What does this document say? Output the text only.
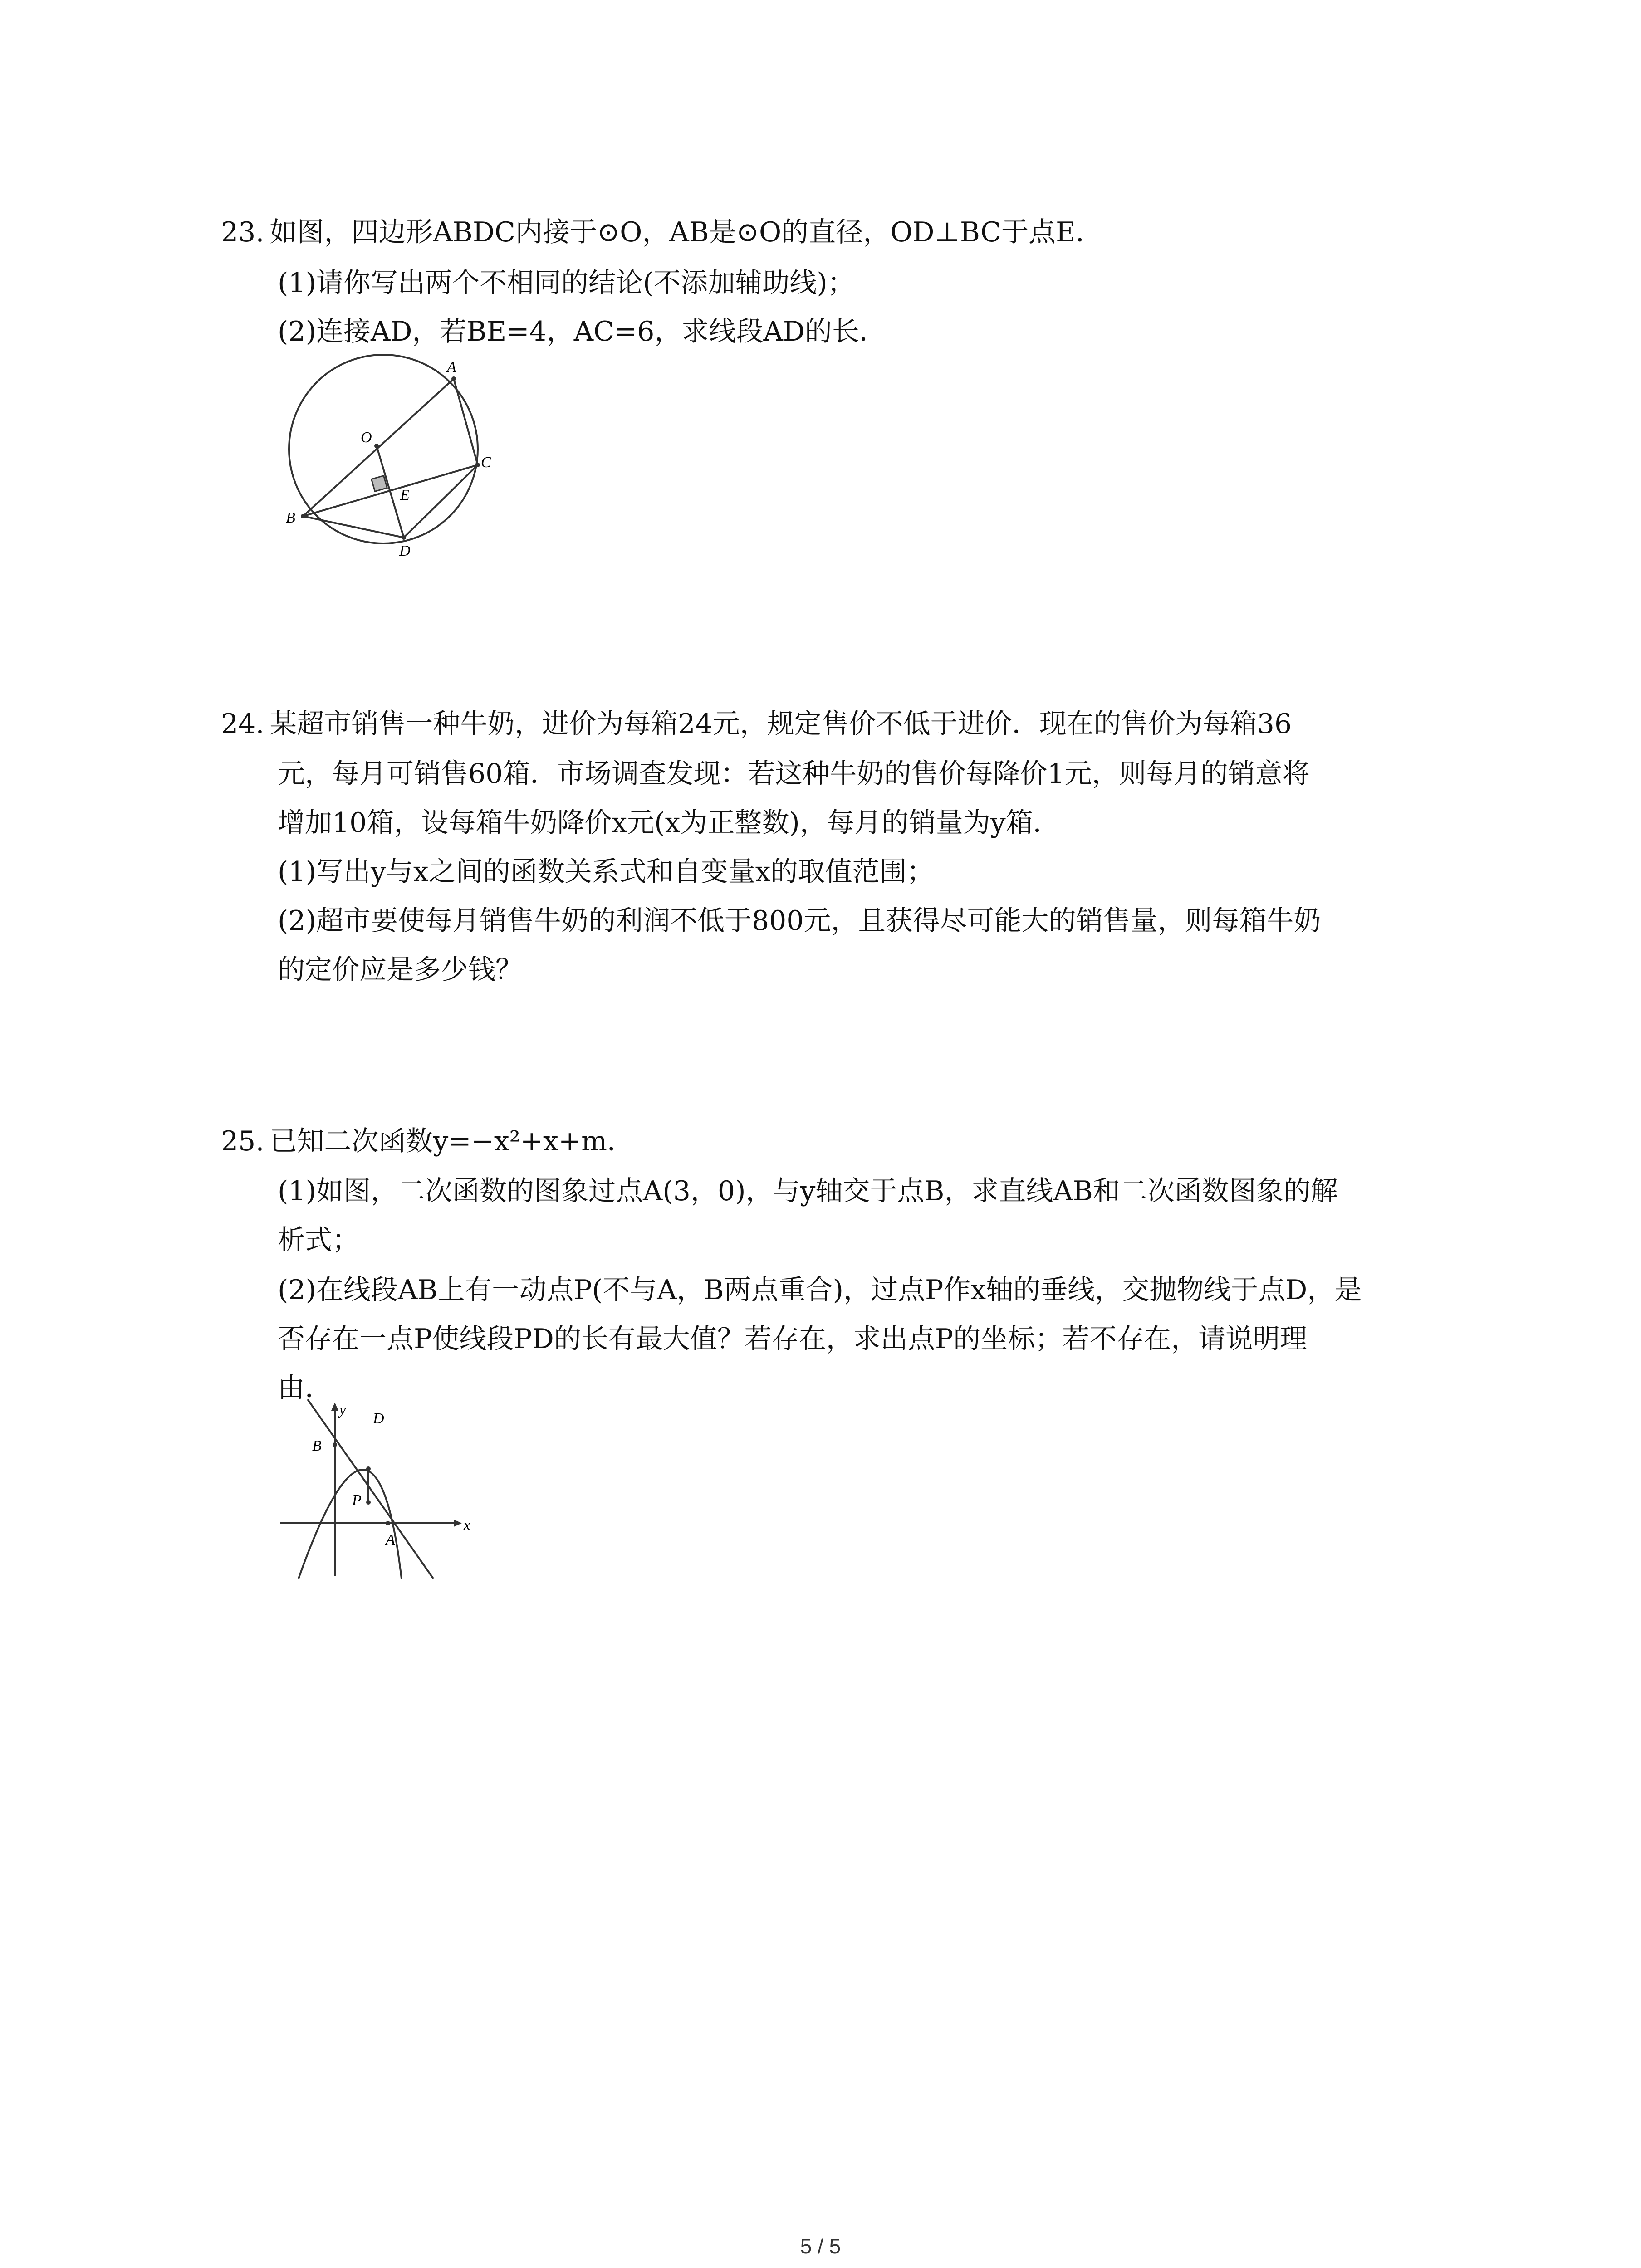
23. 如图，四边形ABDC内接于⊙O，AB是⊙O的直径，OD⊥BC于点E．
(1)请你写出两个不相同的结论(不添加辅助线)；
(2)连接AD，若BE=4，AC=6，求线段AD的长．
A
O
C
E
B
D
24. 某超市销售一种牛奶，进价为每箱24元，规定售价不低于进价．现在的售价为每箱36
元，每月可销售60箱．市场调查发现：若这种牛奶的售价每降价1元，则每月的销意将
增加10箱，设每箱牛奶降价x元(x为正整数)，每月的销量为y箱．
(1)写出y与x之间的函数关系式和自变量x的取值范围；
(2)超市要使每月销售牛奶的利润不低于800元，且获得尽可能大的销售量，则每箱牛奶
的定价应是多少钱？
25. 已知二次函数y=−x²+x+m．
(1)如图，二次函数的图象过点A(3，0)，与y轴交于点B，求直线AB和二次函数图象的解
析式；
(2)在线段AB上有一动点P(不与A，B两点重合)，过点P作x轴的垂线，交抛物线于点D，是
否存在一点P使线段PD的长有最大值？若存在，求出点P的坐标；若不存在，请说明理
由．
B
y
D
P
A
x
5 / 5
